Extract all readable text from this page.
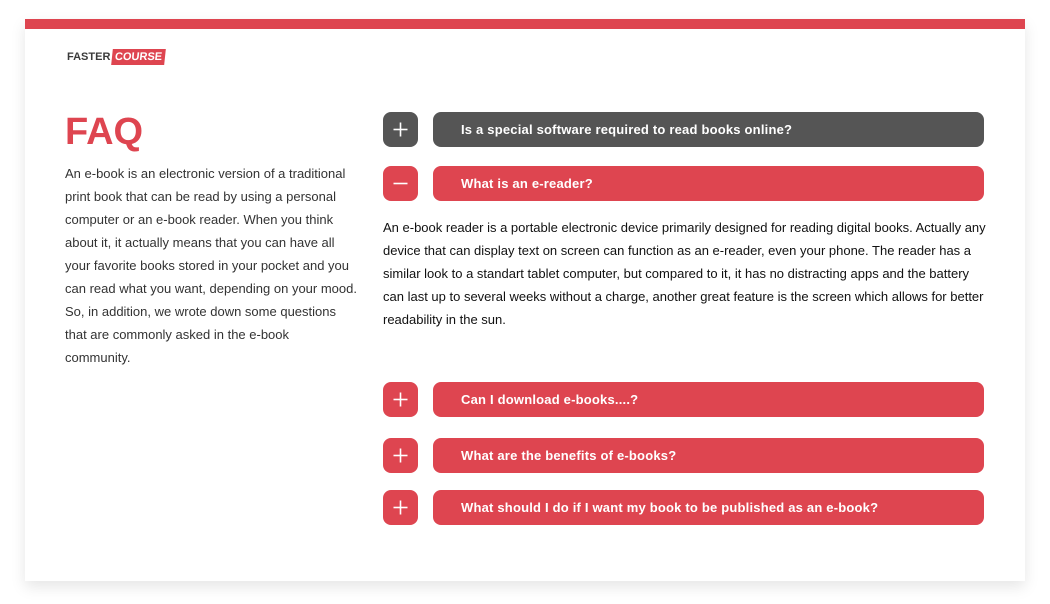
FASTER COURSE
FAQ

An e-book is an electronic version of a traditional print book that can be read by using a personal computer or an e-book reader. When you think about it, it actually means that you can have all your favorite books stored in your pocket and you can read what you want, depending on your mood. So, in addition, we wrote down some questions that are commonly asked in the e-book community.

Is a special software required to read books online?
What is an e-reader?

An e-book reader is a portable electronic device primarily designed for reading digital books. Actually any device that can display text on screen can function as an e-reader, even your phone. The reader has a similar look to a standart tablet computer, but compared to it, it has no distracting apps and the battery can last up to several weeks without a charge, another great feature is the screen which allows for better readability in the sun.

Can I download e-books....?
What are the benefits of e-books?
What should I do if I want my book to be published as an e-book?
